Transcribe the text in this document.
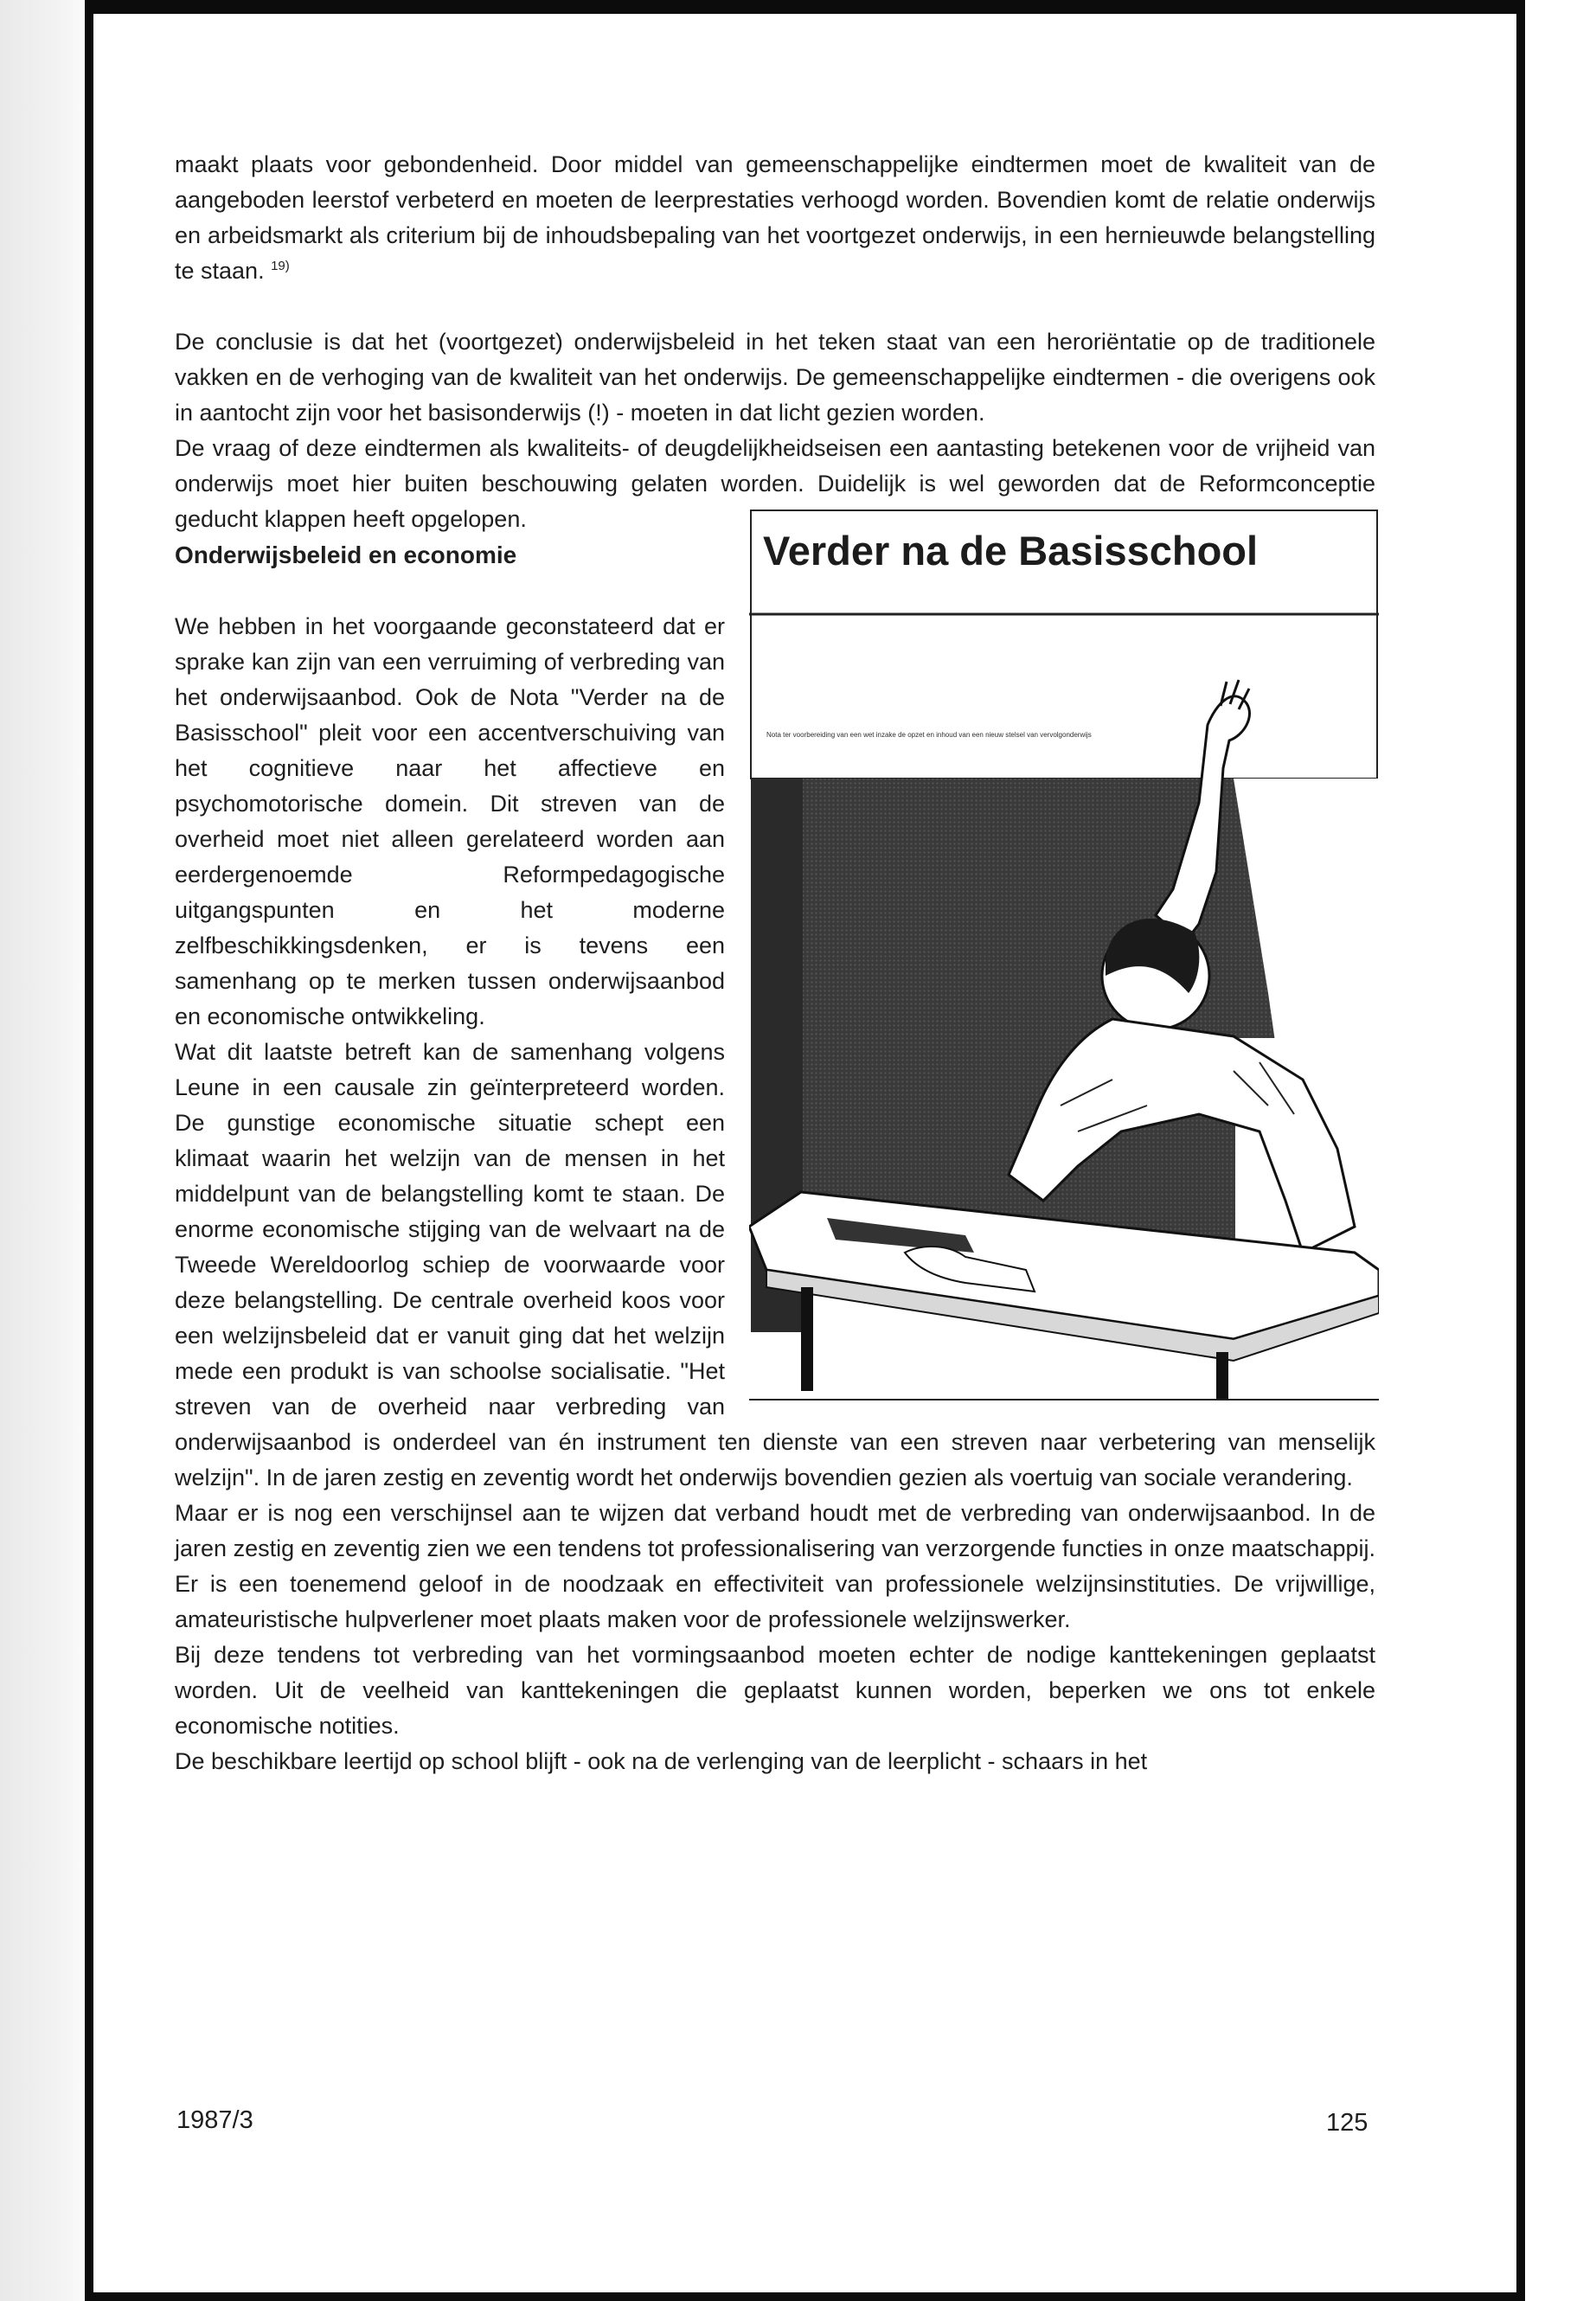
maakt plaats voor gebondenheid. Door middel van gemeenschappelijke eindtermen moet de kwaliteit van de aangeboden leerstof verbeterd en moeten de leerprestaties verhoogd worden. Bovendien komt de relatie onderwijs en arbeidsmarkt als criterium bij de inhoudsbepaling van het voortgezet onderwijs, in een hernieuwde belangstelling te staan. $^{19)}$

De conclusie is dat het (voortgezet) onderwijsbeleid in het teken staat van een heroriëntatie op de traditionele vakken en de verhoging van de kwaliteit van het onderwijs. De gemeenschappelijke eindtermen - die overigens ook in aantocht zijn voor het basisonderwijs (!) - moeten in dat licht gezien worden.

De vraag of deze eindtermen als kwaliteits- of deugdelijkheidseisen een aantasting betekenen voor de vrijheid van onderwijs moet hier buiten beschouwing gelaten worden. Duidelijk is wel geworden dat de Reformconceptie geducht klappen heeft opgelopen.

Verder na de Basisschool
Nota ter voorbereiding van een wet inzake de opzet en inhoud van een nieuw stelsel van vervolgonderwijs
Onderwijsbeleid en economie

We hebben in het voorgaande geconstateerd dat er sprake kan zijn van een verruiming of verbreding van het onderwijsaanbod. Ook de Nota "Verder na de Basisschool" pleit voor een accentverschuiving van het cognitieve naar het affectieve en psychomotorische domein. Dit streven van de overheid moet niet alleen gerelateerd worden aan eerdergenoemde Reformpedagogische uitgangspunten en het moderne zelfbeschikkingsdenken, er is tevens een samenhang op te merken tussen onderwijsaanbod en economische ontwikkeling.

Wat dit laatste betreft kan de samenhang volgens Leune in een causale zin geïnterpreteerd worden. De gunstige economische situatie schept een klimaat waarin het welzijn van de mensen in het middelpunt van de belangstelling komt te staan. De enorme economische stijging van de welvaart na de Tweede Wereldoorlog schiep de voorwaarde voor deze belangstelling. De centrale overheid koos voor een welzijnsbeleid dat er vanuit ging dat het welzijn mede een produkt is van schoolse socialisatie. "Het streven van de overheid naar verbreding van onderwijsaanbod is onderdeel van én instrument ten dienste van een streven naar verbetering van menselijk welzijn". In de jaren zestig en zeventig wordt het onderwijs bovendien gezien als voertuig van sociale verandering.

Maar er is nog een verschijnsel aan te wijzen dat verband houdt met de verbreding van onderwijsaanbod. In de jaren zestig en zeventig zien we een tendens tot professionalisering van verzorgende functies in onze maatschappij. Er is een toenemend geloof in de noodzaak en effectiviteit van professionele welzijnsinstituties. De vrijwillige, amateuristische hulpverlener moet plaats maken voor de professionele welzijnswerker.

Bij deze tendens tot verbreding van het vormingsaanbod moeten echter de nodige kanttekeningen geplaatst worden. Uit de veelheid van kanttekeningen die geplaatst kunnen worden, beperken we ons tot enkele economische notities.

De beschikbare leertijd op school blijft - ook na de verlenging van de leerplicht - schaars in het

1987/3	125
